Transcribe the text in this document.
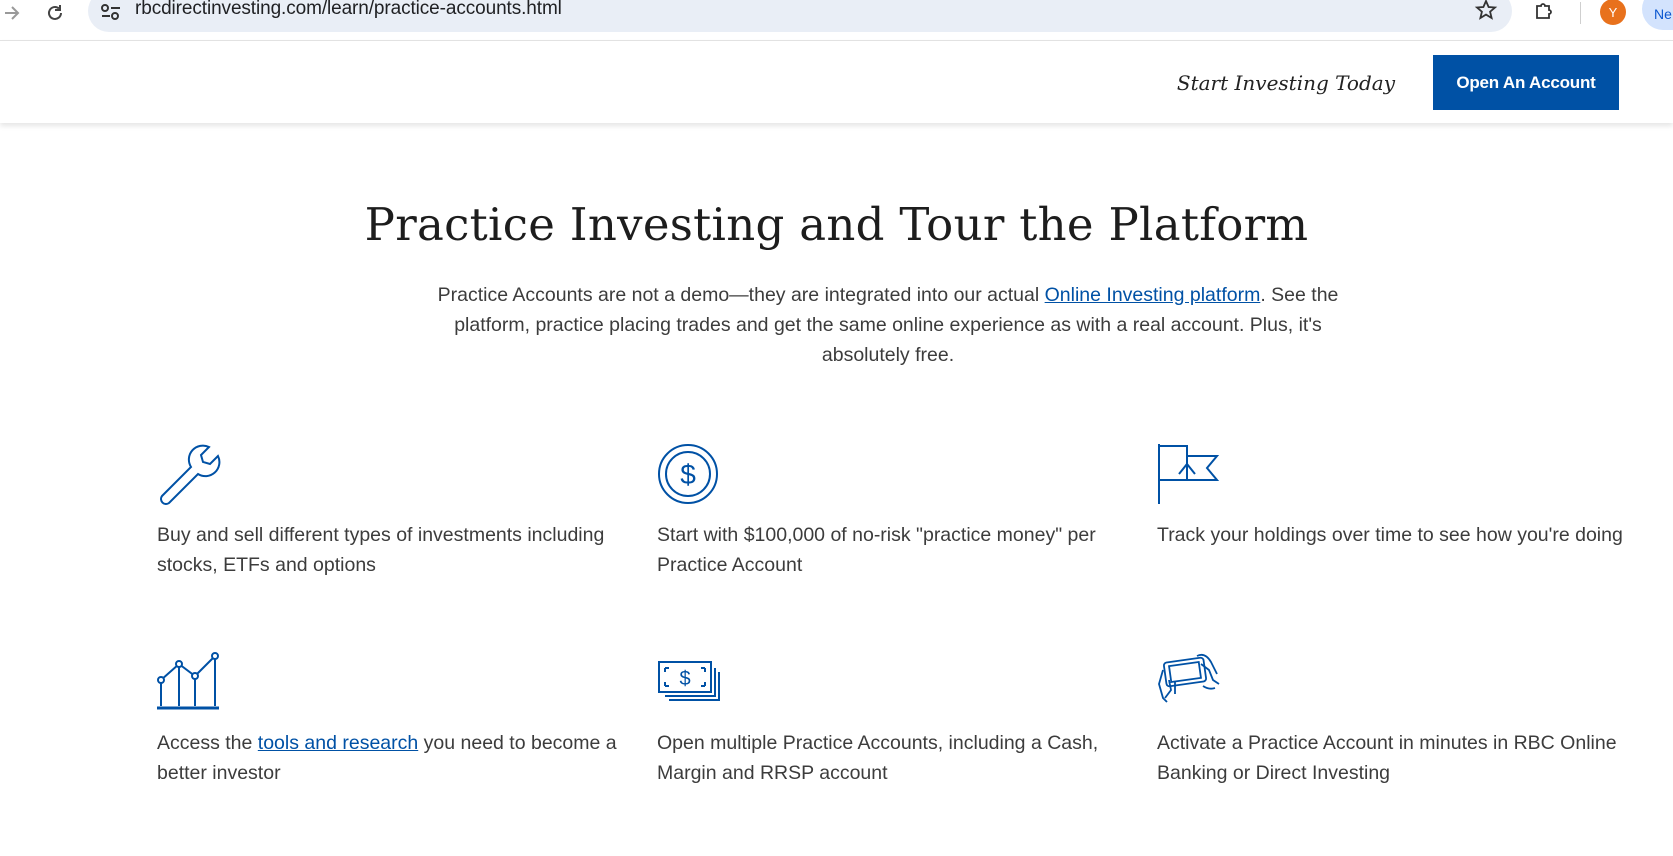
rbcdirectinvesting.com/learn/practice-accounts.html	Y	Ne
Start Investing Today	Open An Account
Practice Investing and Tour the Platform

Practice Accounts are not a demo—they are integrated into our actual Online Investing platform. See the platform, practice placing trades and get the same online experience as with a real account. Plus, it's absolutely free.

Buy and sell different types of investments including stocks, ETFs and options
$
Start with $100,000 of no-risk "practice money" per Practice Account
Track your holdings over time to see how you're doing
Access the tools and research you need to become a better investor
$
Open multiple Practice Accounts, including a Cash, Margin and RRSP account
Activate a Practice Account in minutes in RBC Online Banking or Direct Investing
